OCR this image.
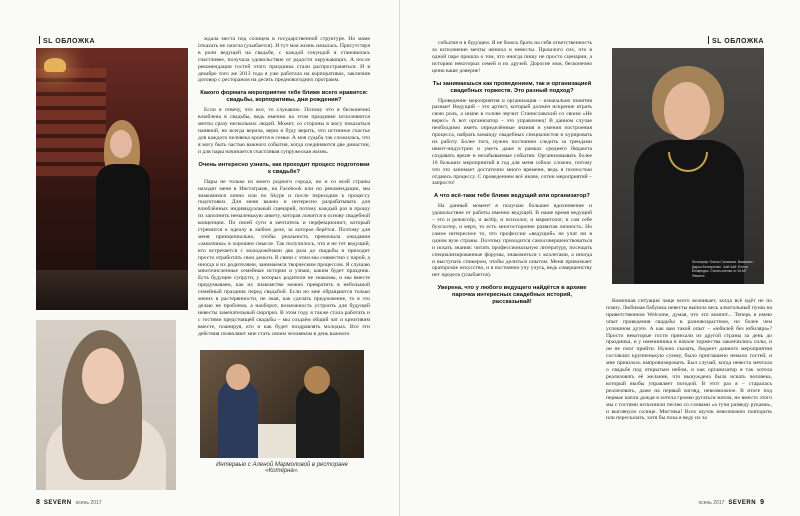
SL ОБЛОЖКА	ждала места под солнцем в государственной структуре. Но маме откazать не смогла (улыбается). И тут моя жизнь началась. Присутствуя в роли ведущей на свадьбе, с каждой секундой я становилась счастливее, получала удовольствие от радости окружающих. А после рекомендации гостей этого праздника стали распространяться. И в декабре того же 2013 года я уже работала на корпоративах, заключив договор с рестораном на десять предновогодних программ.

Какого формата мероприятие тебе ближе всего нравится: свадьбы, корпоративы, дни рождения?

Если я отвечу, что все, то слукавлю. Потому что я бесконечно влюблена в свадьбы, ведь именно на этом празднике исполняются мечты сразу нескольких людей. Может, со стороны в могу показаться наивной, но всегда верила, верю и буду верить, что истинное счастье для каждого человека кроется в семье. А моя судьба так сложилась, что я могу быть частью важного события, когда соединяются две династии, и для пары начинается счастливая супружеская жизнь.

Очень интересно узнать, как проходит процесс подготовки к свадьбе?

Пары не только из моего родного города, но и со всей страны находят меня в Инстаграме, на Facebook или по рекомендации, мы знакомимся лично или по Skype и после переходим к процессу подготовки. Для меня важно и интересно разрабатывать для влюблённых индивидуальный сценарий, потому каждый раз в прошу их заполнить немаленькую анкету, которая ложится в основу свадебной концепции. По своей сути я мечтатель и перфекционист, который стремится к идеалу в любом деле, за которое берётся. Поэтому для меня принципиально, чтобы реальность превзошла ожидания «заказчика» в хорошем смысле. Так получилось, что я не тот ведущий, кто встречается с молодожёнами два раза до свадьбы и приходит просто отработать свои деньги. В связи с этим мы совместно с парой, а иногда и их родителями, занимаемся творческим процессом. Я слушаю многочисленные семейные истории и узнаю, каким будет праздник. Есть будущие супруги, у которых родители не знакомы, и мы вместе придумываем, как их знакомство можно превратить в небольшой семейный праздник перед свадьбой. Если но мне обращаются только жених в растерянности, не зная, как сделать предложение, то я это делаю не проблема, а наоборот, возможность устроить для будущей невесты замечательный сюрприз. В этом году я также стала работать и с гостями предстоящей свадьбы – мы создаём общий чат и креативим вместе, планируя, кто и как будет поздравлять молодых. Все эти действия позволяют мне стать своим человеком в день важного

8 SEVERN осень 2017
SL ОБЛОЖКА

события и в будущем. Я не боюсь брать на себя ответственность за исполнение мечты жениха и невесты. Прошлого сих, что в одной паре пришла о том, что иногда пишу не просто сценарии, а историю некоторых семей и их друзей. Дорогие мои, бесконечно ценю ваше доверие!

Ты занимаешься как проведением, так и организацией свадебных торжеств. Это разный подход?

Проведение мероприятия и организация – изначально понятия разные! Ведущий – это артист, который должен искренне играть свою роль, а иначе в голове звучит Станиславский со своим «Не верю!» А вот организатор – это управленец! В данном случае необходимо иметь определённые знания и умения построения процесса, набрать команду свадебных специалистов и курировать их работу. Более того, нужно постоянно следить за трендами ивент-индустрии и уметь даже в рамках среднего бюджета создавать яркие и незабываемые события. Организовывать более 10 больших мероприятий в год для меня сейчас сложно, потому что это занимает достаточно много времени, ведь я полностью отдаюсь процессу. С проведением всё иначе, сотни мероприятий – запросто!

А что всё-таки тебе ближе ведущий или организатор?

На данный момент я получаю большее вдохновение и удовольствие от работы именно ведущей. В наше время ведущий – это и режиссёр, и актёр, и психолог, и маркетолог, и сам себе бухгалтер, и мерч, то есть многосторонне развитая личность. Но самое интересное то, что профессии «ведущий» не учат ни в одном вузе страны. Поэтому приходится самосовершенствоваться и искать знания: читать профессиональную литературу, посещать специализированные форумы, знакомиться с коллегами, а иногда и выступать спикером, чтобы делиться опытом. Меня привлекает ораторское искусство, и я постоянно учу учусь, ведь совершенству нет предела (улыбается).

Уверена, что у любого ведущего найдётся в архиве парочка интересных свадебных историй, рассказывай!

Фотограф: Олеся Салахова. Визажист: Дарья Белоусенко. Чай-Чай: Елена Безвредко. Салон-ателье от Dr.MT Фешенс

Комичная ситуация чаще всего возникает, когда всё идёт не по плану. Любимая бабушка невесты выпила весь алкогольный пунш на приветственном Welcome, думая, что это компот... Теперь я имею опыт проведения свадьбы в разновозрастном, но более чем успешном дуэте. А как вам такой опыт – «юбилей без юбиляра»? Просто некоторые гости приехали из другой страны за день до праздника, и у именинника в начале торжества закончились силы, и он не смог прийти. Нужно сказать, бюджет данного мероприятия составлял крупненькую сумму, было приглашено немало гостей, и мне пришлось импровизировать. Был случай, когда невеста мечтала о свадьбе под открытым небом, и как организатор я так хотела реализовать её желание, что вынуждена была искать человека, который якобы управляет погодой. В этот раз я – старалась реализовать, даже на первый взгляд, невозможное. В итоге под первые капли дождя я хотела громко ругаться матом, но вместо этого мы с гостями исполнили песню со словами «а тучи разведу руками», и выглянуло солнце. Мистика! Всех шуток невозможно повторить или пересказать, хотя бы пока я веду их за

осень 2017 SEVERN 9
Интервью с Аленой Мармоловой в ресторане «Котерна».
